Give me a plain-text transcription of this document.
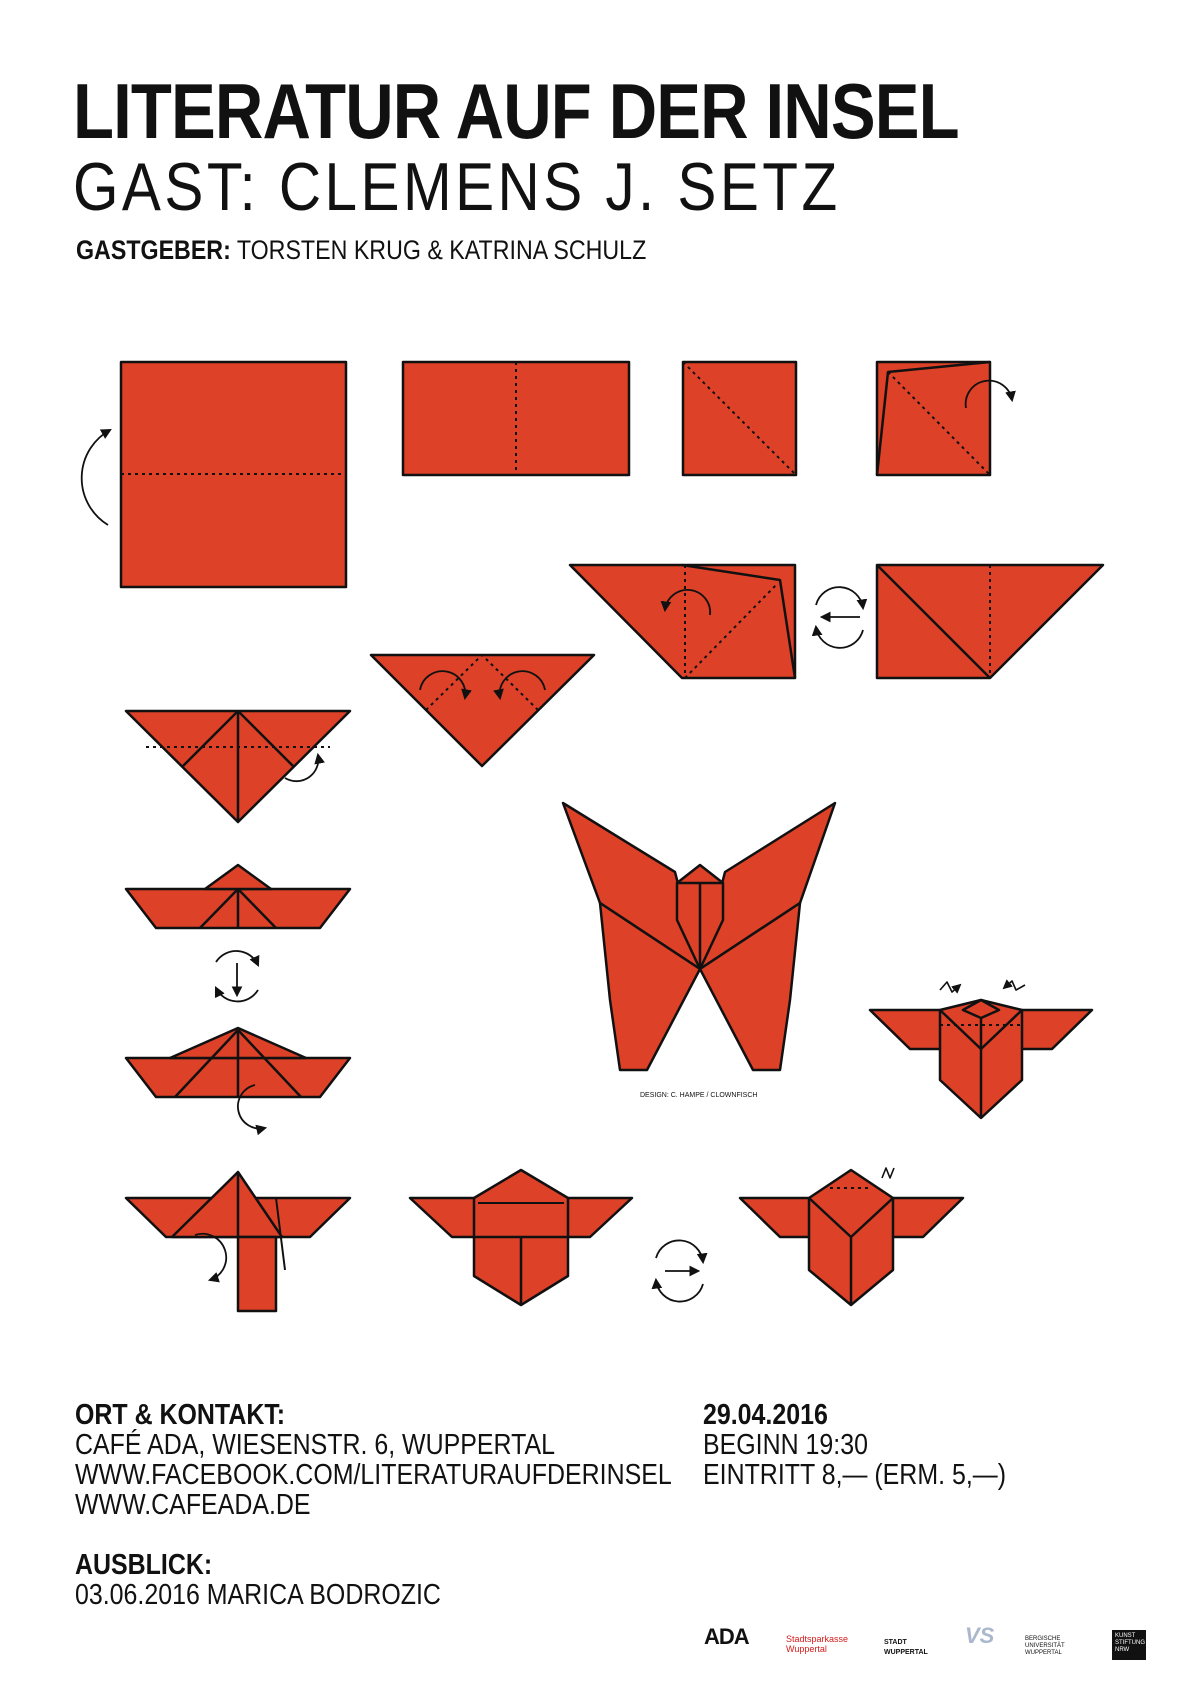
LITERATUR AUF DER INSEL
GAST: CLEMENS J. SETZ
GASTGEBER: TORSTEN KRUG & KATRINA SCHULZ
DESIGN: C. HAMPE / CLOWNFISCH
ORT & KONTAKT:
CAFÉ ADA, WIESENSTR. 6, WUPPERTAL
WWW.FACEBOOK.COM/LITERATURAUFDERINSEL
WWW.CAFEADA.DE
29.04.2016
BEGINN 19:30
EINTRITT 8,— (ERM. 5,—)
AUSBLICK:
03.06.2016 MARICA BODROZIC
ADA	Stadtsparkasse Wuppertal
STADT WUPPERTAL
VS	BERGISCHE UNIVERSITÄT WUPPERTAL
KUNST STIFTUNG NRW
